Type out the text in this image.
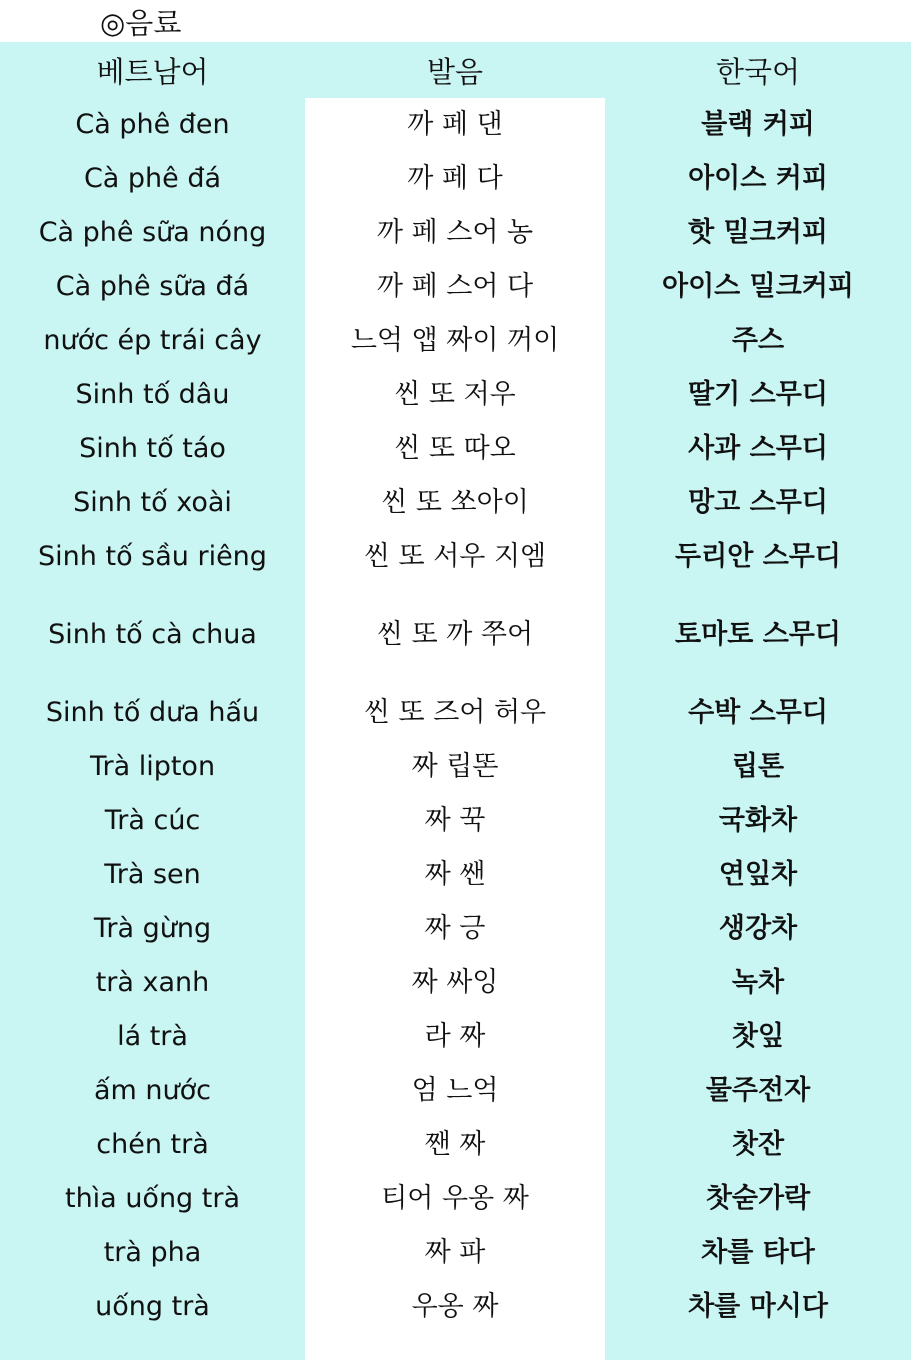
◎음료
베트남어	발음	한국어
Cà phê đen
Cà phê đá
Cà phê sữa nóng
Cà phê sữa đá
nước ép trái cây
Sinh tố dâu
Sinh tố táo
Sinh tố xoài
Sinh tố sầu riêng
Sinh tố cà chua
Sinh tố dưa hấu
Trà lipton
Trà cúc
Trà sen
Trà gừng
trà xanh
lá trà
ấm nước
chén trà
thìa uống trà
trà pha
uống trà
까 페 댄
까 페 다
까 페 스어 농
까 페 스어 다
느억 앱 짜이 꺼이
씬 또 저우
씬 또 따오
씬 또 쏘아이
씬 또 서우 지엠
씬 또 까 쭈어
씬 또 즈어 허우
짜 립똔
짜 꾹
짜 쌘
짜 긍
짜 싸잉
라 짜
엄 느억
짼 짜
티어 우옹 짜
짜 파
우옹 짜
블랙 커피
아이스 커피
핫 밀크커피
아이스 밀크커피
주스
딸기 스무디
사과 스무디
망고 스무디
두리안 스무디
토마토 스무디
수박 스무디
립톤
국화차
연잎차
생강차
녹차
찻잎
물주전자
찻잔
찻숟가락
차를 타다
차를 마시다
